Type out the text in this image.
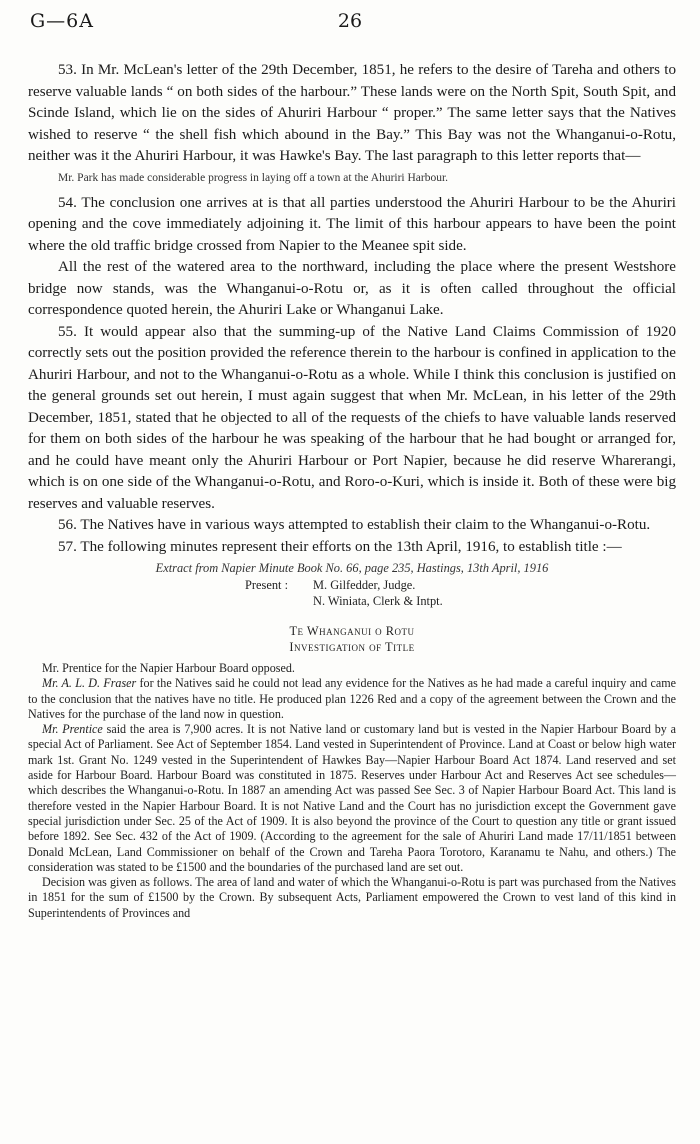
G—6A	26

53. In Mr. McLean's letter of the 29th December, 1851, he refers to the desire of Tareha and others to reserve valuable lands “ on both sides of the harbour.” These lands were on the North Spit, South Spit, and Scinde Island, which lie on the sides of Ahuriri Harbour “ proper.” The same letter says that the Natives wished to reserve “ the shell fish which abound in the Bay.” This Bay was not the Whanganui-o-Rotu, neither was it the Ahuriri Harbour, it was Hawke's Bay. The last paragraph to this letter reports that—

Mr. Park has made considerable progress in laying off a town at the Ahuriri Harbour.

54. The conclusion one arrives at is that all parties understood the Ahuriri Harbour to be the Ahuriri opening and the cove immediately adjoining it. The limit of this harbour appears to have been the point where the old traffic bridge crossed from Napier to the Meanee spit side.

All the rest of the watered area to the northward, including the place where the present Westshore bridge now stands, was the Whanganui-o-Rotu or, as it is often called throughout the official correspondence quoted herein, the Ahuriri Lake or Whanganui Lake.

55. It would appear also that the summing-up of the Native Land Claims Commission of 1920 correctly sets out the position provided the reference therein to the harbour is confined in application to the Ahuriri Harbour, and not to the Whanganui-o-Rotu as a whole. While I think this conclusion is justified on the general grounds set out herein, I must again suggest that when Mr. McLean, in his letter of the 29th December, 1851, stated that he objected to all of the requests of the chiefs to have valuable lands reserved for them on both sides of the harbour he was speaking of the harbour that he had bought or arranged for, and he could have meant only the Ahuriri Harbour or Port Napier, because he did reserve Wharerangi, which is on one side of the Whanganui-o-Rotu, and Roro-o-Kuri, which is inside it. Both of these were big reserves and valuable reserves.

56. The Natives have in various ways attempted to establish their claim to the Whanganui-o-Rotu.

57. The following minutes represent their efforts on the 13th April, 1916, to establish title :—

Extract from Napier Minute Book No. 66, page 235, Hastings, 13th April, 1916
Present : M. Gilfedder, Judge.
N. Winiata, Clerk & Intpt.
Te Whanganui o Rotu
Investigation of Title

Mr. Prentice for the Napier Harbour Board opposed.

Mr. A. L. D. Fraser for the Natives said he could not lead any evidence for the Natives as he had made a careful inquiry and came to the conclusion that the natives have no title. He produced plan 1226 Red and a copy of the agreement between the Crown and the Natives for the purchase of the land now in question.

Mr. Prentice said the area is 7,900 acres. It is not Native land or customary land but is vested in the Napier Harbour Board by a special Act of Parliament. See Act of September 1854. Land vested in Superintendent of Province. Land at Coast or below high water mark 1st. Grant No. 1249 vested in the Superintendent of Hawkes Bay—Napier Harbour Board Act 1874. Land reserved and set aside for Harbour Board. Harbour Board was constituted in 1875. Reserves under Harbour Act and Reserves Act see schedules—which describes the Whanganui-o-Rotu. In 1887 an amending Act was passed See Sec. 3 of Napier Harbour Board Act. This land is therefore vested in the Napier Harbour Board. It is not Native Land and the Court has no jurisdiction except the Government gave special jurisdiction under Sec. 25 of the Act of 1909. It is also beyond the province of the Court to question any title or grant issued before 1892. See Sec. 432 of the Act of 1909. (According to the agreement for the sale of Ahuriri Land made 17/11/1851 between Donald McLean, Land Commissioner on behalf of the Crown and Tareha Paora Torotoro, Karanamu te Nahu, and others.) The consideration was stated to be £1500 and the boundaries of the purchased land are set out.

Decision was given as follows. The area of land and water of which the Whanganui-o-Rotu is part was purchased from the Natives in 1851 for the sum of £1500 by the Crown. By subsequent Acts, Parliament empowered the Crown to vest land of this kind in Superintendents of Provinces and
